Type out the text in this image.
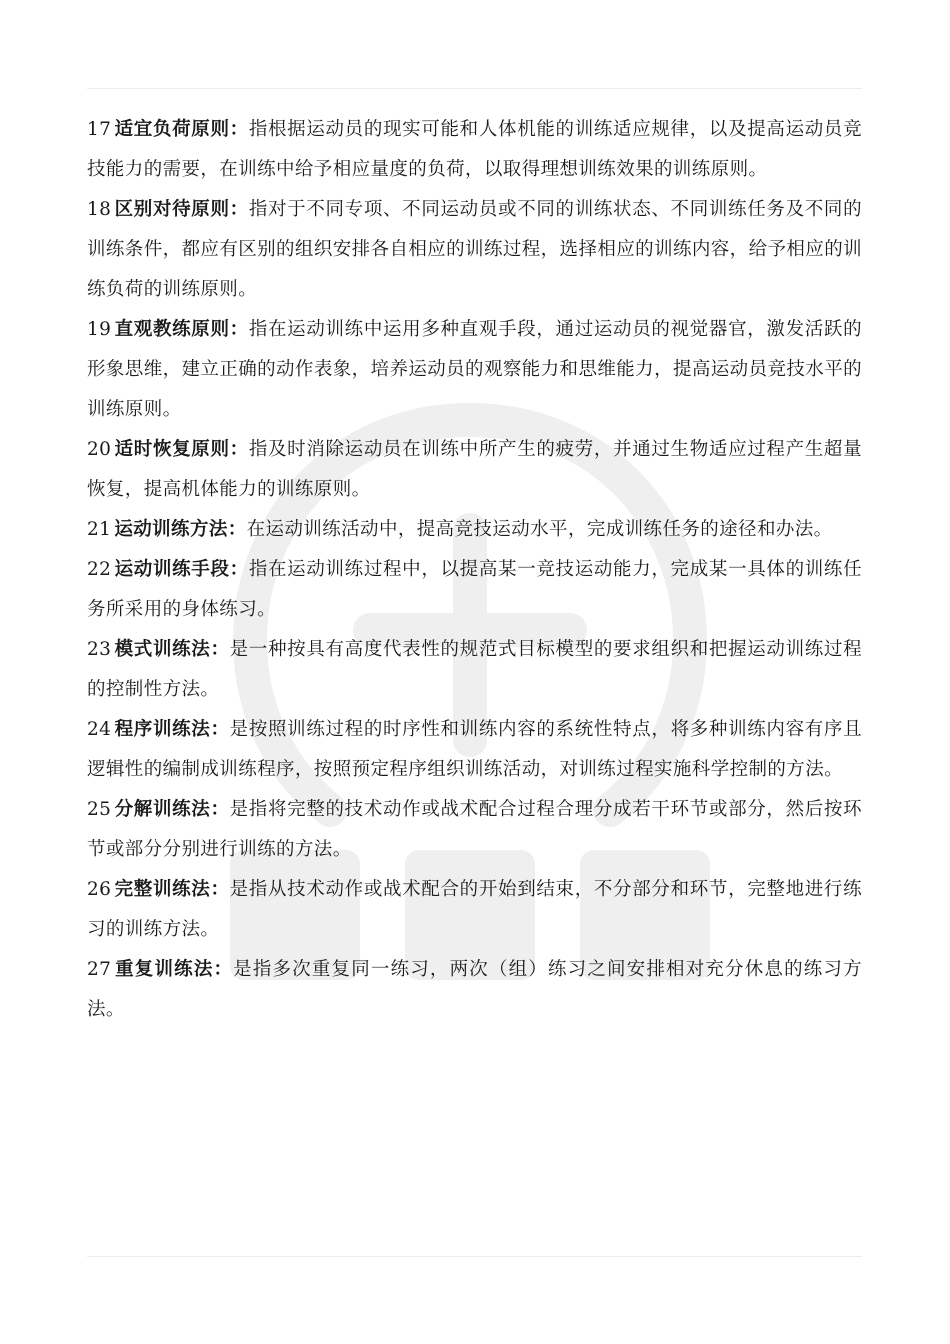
17 适宜负荷原则：指根据运动员的现实可能和人体机能的训练适应规律，以及提高运动员竞技能力的需要，在训练中给予相应量度的负荷，以取得理想训练效果的训练原则。

18 区别对待原则：指对于不同专项、不同运动员或不同的训练状态、不同训练任务及不同的训练条件，都应有区别的组织安排各自相应的训练过程，选择相应的训练内容，给予相应的训练负荷的训练原则。

19 直观教练原则：指在运动训练中运用多种直观手段，通过运动员的视觉器官，激发活跃的形象思维，建立正确的动作表象，培养运动员的观察能力和思维能力，提高运动员竞技水平的训练原则。

20 适时恢复原则：指及时消除运动员在训练中所产生的疲劳，并通过生物适应过程产生超量恢复，提高机体能力的训练原则。

21 运动训练方法：在运动训练活动中，提高竞技运动水平，完成训练任务的途径和办法。

22 运动训练手段：指在运动训练过程中，以提高某一竞技运动能力，完成某一具体的训练任务所采用的身体练习。

23 模式训练法：是一种按具有高度代表性的规范式目标模型的要求组织和把握运动训练过程的控制性方法。

24 程序训练法：是按照训练过程的时序性和训练内容的系统性特点，将多种训练内容有序且逻辑性的编制成训练程序，按照预定程序组织训练活动，对训练过程实施科学控制的方法。

25 分解训练法：是指将完整的技术动作或战术配合过程合理分成若干环节或部分，然后按环节或部分分别进行训练的方法。

26 完整训练法：是指从技术动作或战术配合的开始到结束，不分部分和环节，完整地进行练习的训练方法。

27 重复训练法：是指多次重复同一练习，两次（组）练习之间安排相对充分休息的练习方法。
